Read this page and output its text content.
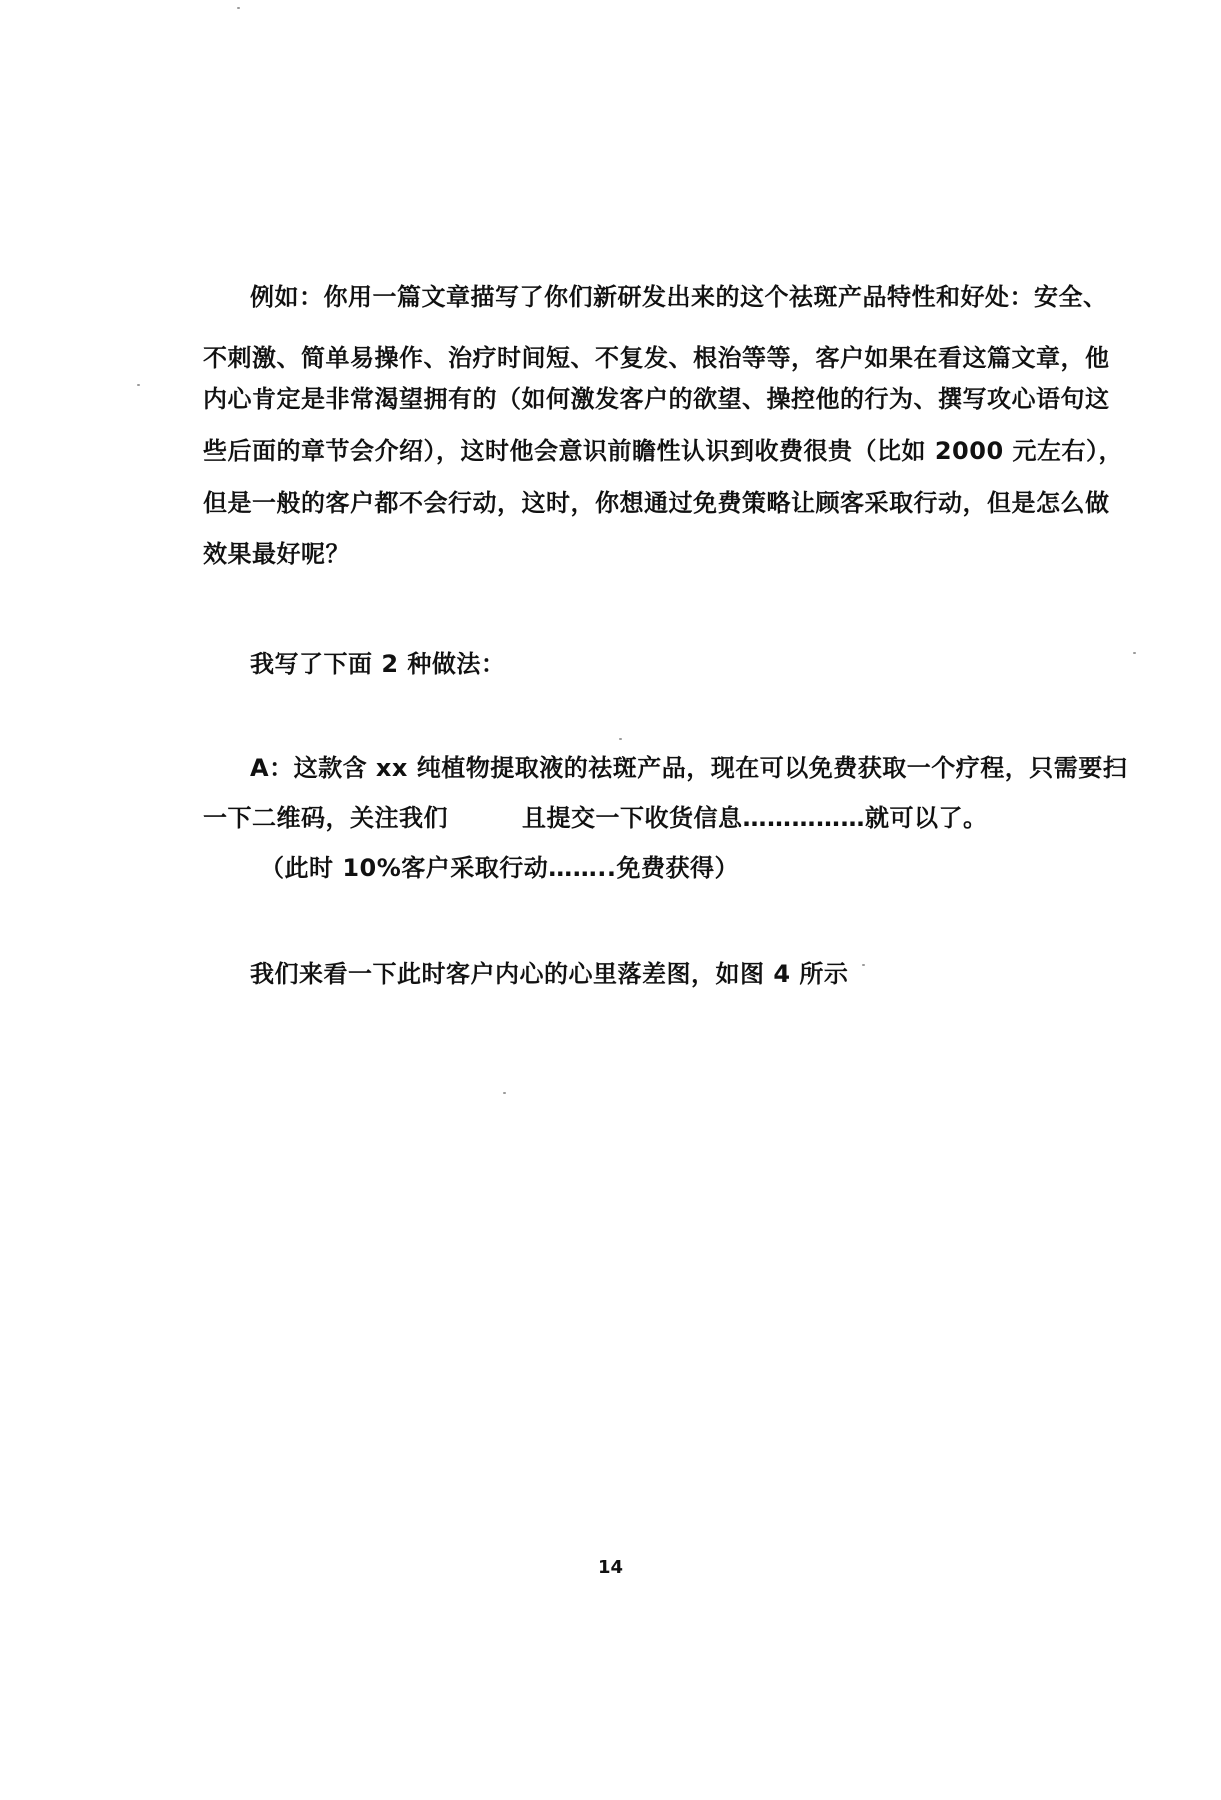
例如：你用一篇文章描写了你们新研发出来的这个祛斑产品特性和好处：安全、
不刺激、简单易操作、治疗时间短、不复发、根治等等，客户如果在看这篇文章，他
内心肯定是非常渴望拥有的（如何激发客户的欲望、操控他的行为、撰写攻心语句这
些后面的章节会介绍），这时他会意识前瞻性认识到收费很贵（比如 2000 元左右），
但是一般的客户都不会行动，这时，你想通过免费策略让顾客采取行动，但是怎么做
效果最好呢？
我写了下面 2 种做法：
A：这款含 xx 纯植物提取液的祛斑产品，现在可以免费获取一个疗程，只需要扫
一下二维码，关注我们	且提交一下收货信息……………就可以了。
（此时 10%客户采取行动……..免费获得）
我们来看一下此时客户内心的心里落差图，如图 4 所示
14
